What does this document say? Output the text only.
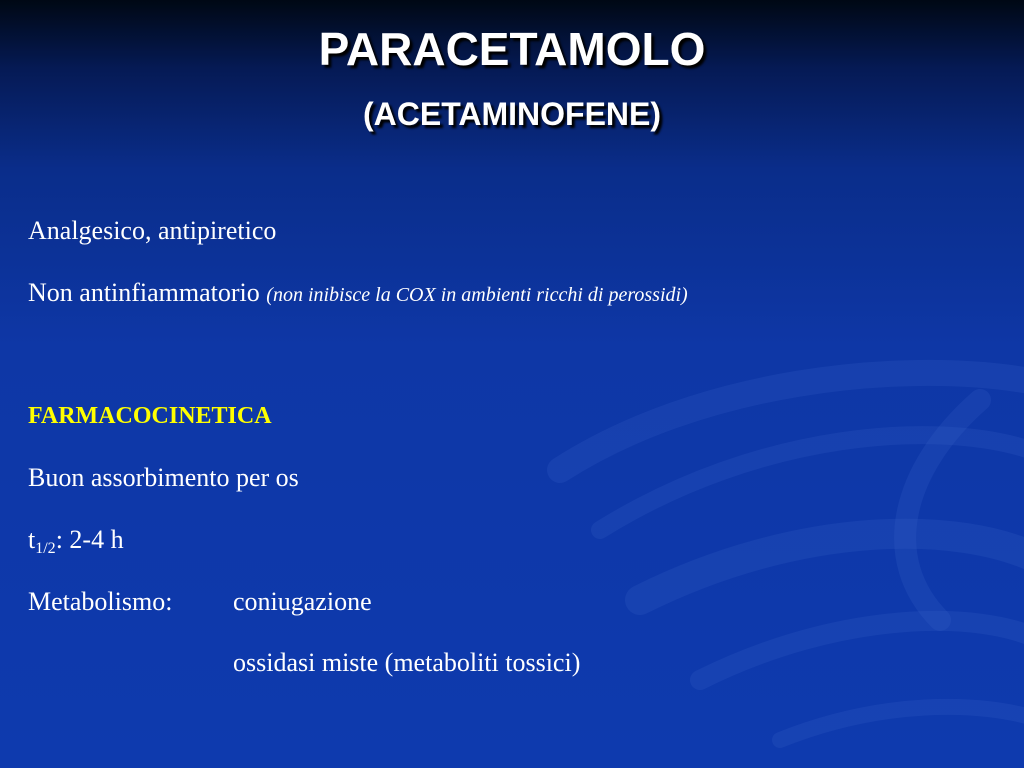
PARACETAMOLO
(ACETAMINOFENE)
Analgesico, antipiretico
Non antinfiammatorio (non inibisce la COX in ambienti ricchi di perossidi)
FARMACOCINETICA
Buon assorbimento per os
$t_{1/2}$: 2-4 h
Metabolismo: coniugazione
ossidasi miste (metaboliti tossici)
